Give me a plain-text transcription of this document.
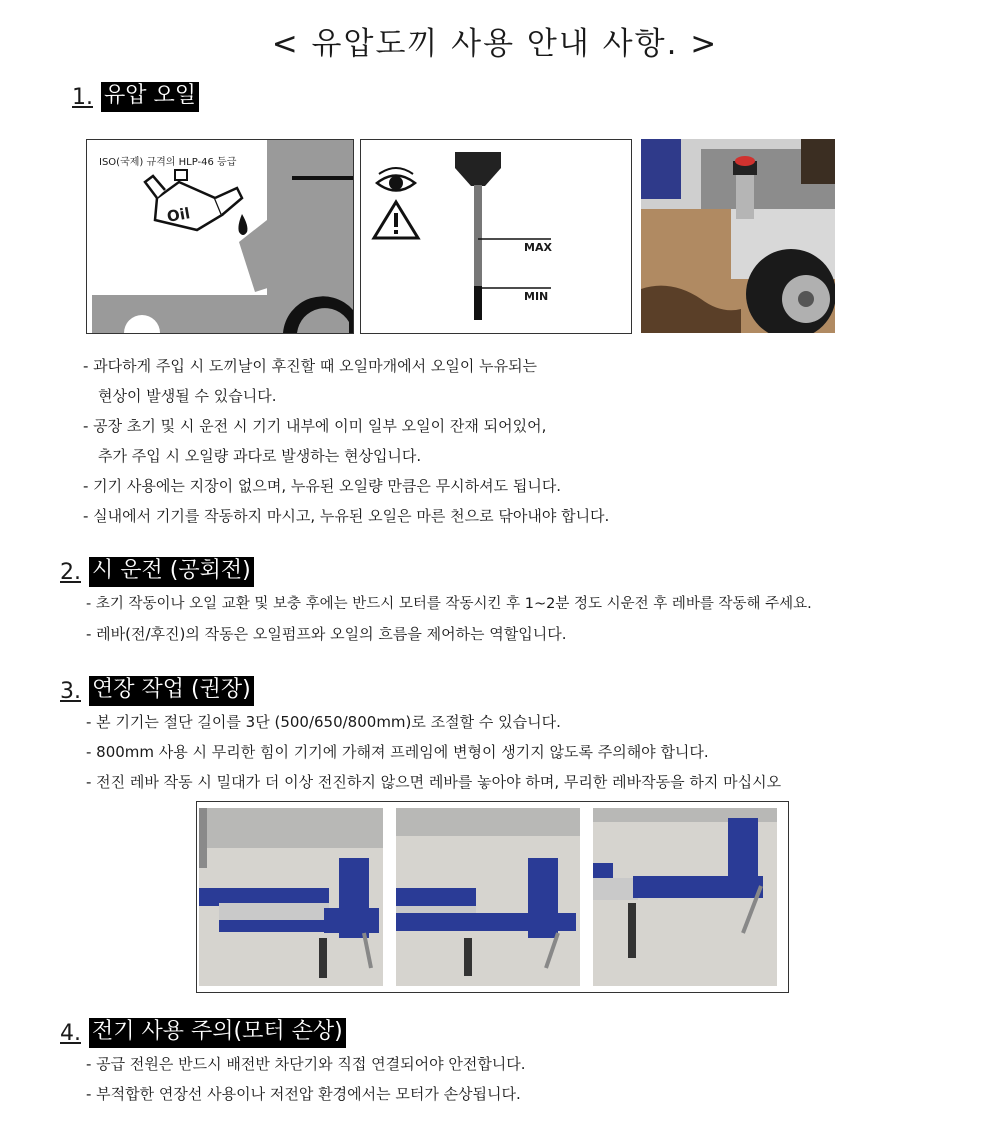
< 유압도끼 사용 안내 사항. >
1. 유압 오일
ISO(국제) 규격의 HLP-46 등급
Oil
MAX
MIN
- 과다하게 주입 시 도끼날이 후진할 때 오일마개에서 오일이 누유되는
현상이 발생될 수 있습니다.
- 공장 초기 및 시 운전 시 기기 내부에 이미 일부 오일이 잔재 되어있어,
추가 주입 시 오일량 과다로 발생하는 현상입니다.
- 기기 사용에는 지장이 없으며, 누유된 오일량 만큼은 무시하셔도 됩니다.
- 실내에서 기기를 작동하지 마시고, 누유된 오일은 마른 천으로 닦아내야 합니다.
2. 시 운전 (공회전)
- 초기 작동이나 오일 교환 및 보충 후에는 반드시 모터를 작동시킨 후 1~2분 정도 시운전 후 레바를 작동해 주세요.
- 레바(전/후진)의 작동은 오일펌프와 오일의 흐름을 제어하는 역할입니다.
3. 연장 작업 (권장)
- 본 기기는 절단 길이를 3단 (500/650/800mm)로 조절할 수 있습니다.
- 800mm 사용 시 무리한 힘이 기기에 가해져 프레임에 변형이 생기지 않도록 주의해야 합니다.
- 전진 레바 작동 시 밀대가 더 이상 전진하지 않으면 레바를 놓아야 하며, 무리한 레바작동을 하지 마십시오
4. 전기 사용 주의(모터 손상)
- 공급 전원은 반드시 배전반 차단기와 직접 연결되어야 안전합니다.
- 부적합한 연장선 사용이나 저전압 환경에서는 모터가 손상됩니다.
